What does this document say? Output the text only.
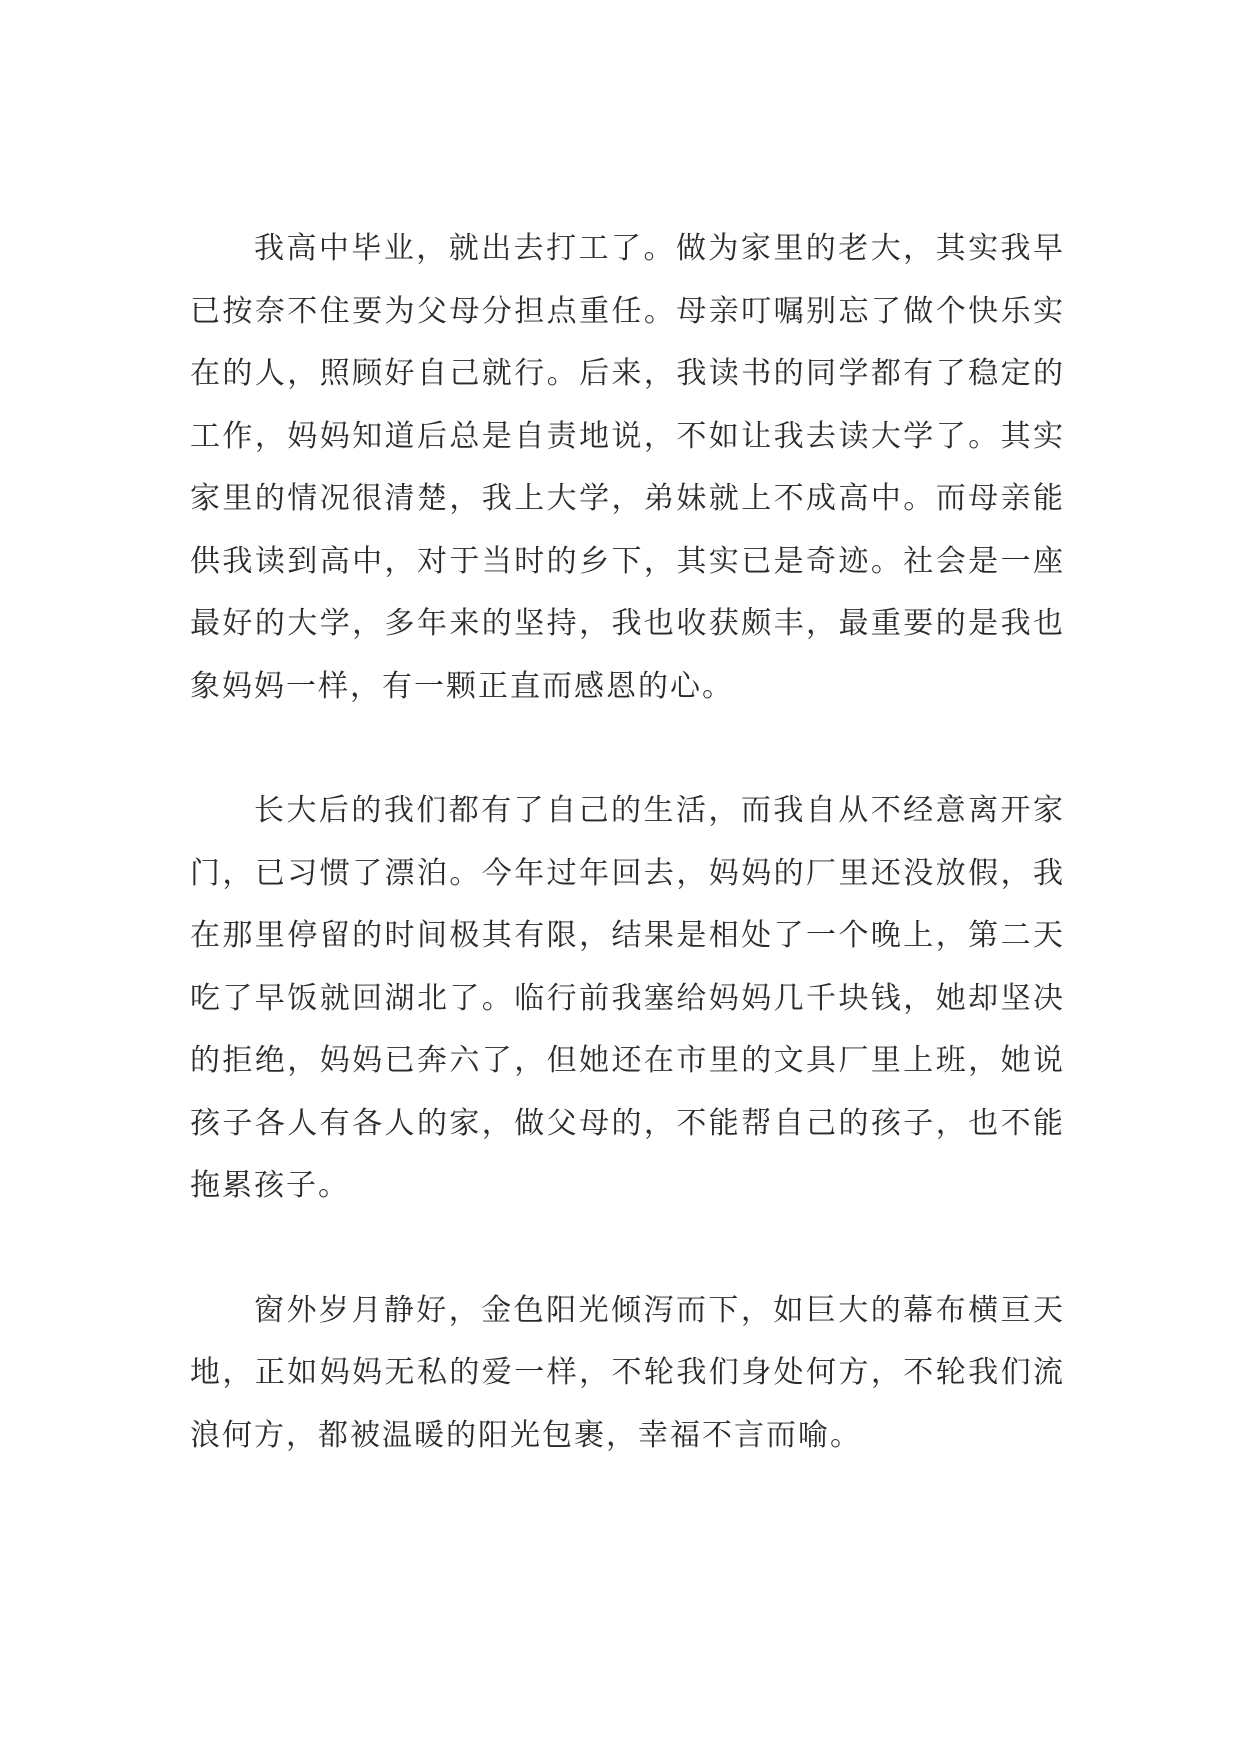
我高中毕业，就出去打工了。做为家里的老大，其实我早已按奈不住要为父母分担点重任。母亲叮嘱别忘了做个快乐实在的人，照顾好自己就行。后来，我读书的同学都有了稳定的工作，妈妈知道后总是自责地说，不如让我去读大学了。其实家里的情况很清楚，我上大学，弟妹就上不成高中。而母亲能供我读到高中，对于当时的乡下，其实已是奇迹。社会是一座最好的大学，多年来的坚持，我也收获颇丰，最重要的是我也象妈妈一样，有一颗正直而感恩的心。

长大后的我们都有了自己的生活，而我自从不经意离开家门，已习惯了漂泊。今年过年回去，妈妈的厂里还没放假，我在那里停留的时间极其有限，结果是相处了一个晚上，第二天吃了早饭就回湖北了。临行前我塞给妈妈几千块钱，她却坚决的拒绝，妈妈已奔六了，但她还在市里的文具厂里上班，她说孩子各人有各人的家，做父母的，不能帮自己的孩子，也不能拖累孩子。

窗外岁月静好，金色阳光倾泻而下，如巨大的幕布横亘天地，正如妈妈无私的爱一样，不轮我们身处何方，不轮我们流浪何方，都被温暖的阳光包裹，幸福不言而喻。
